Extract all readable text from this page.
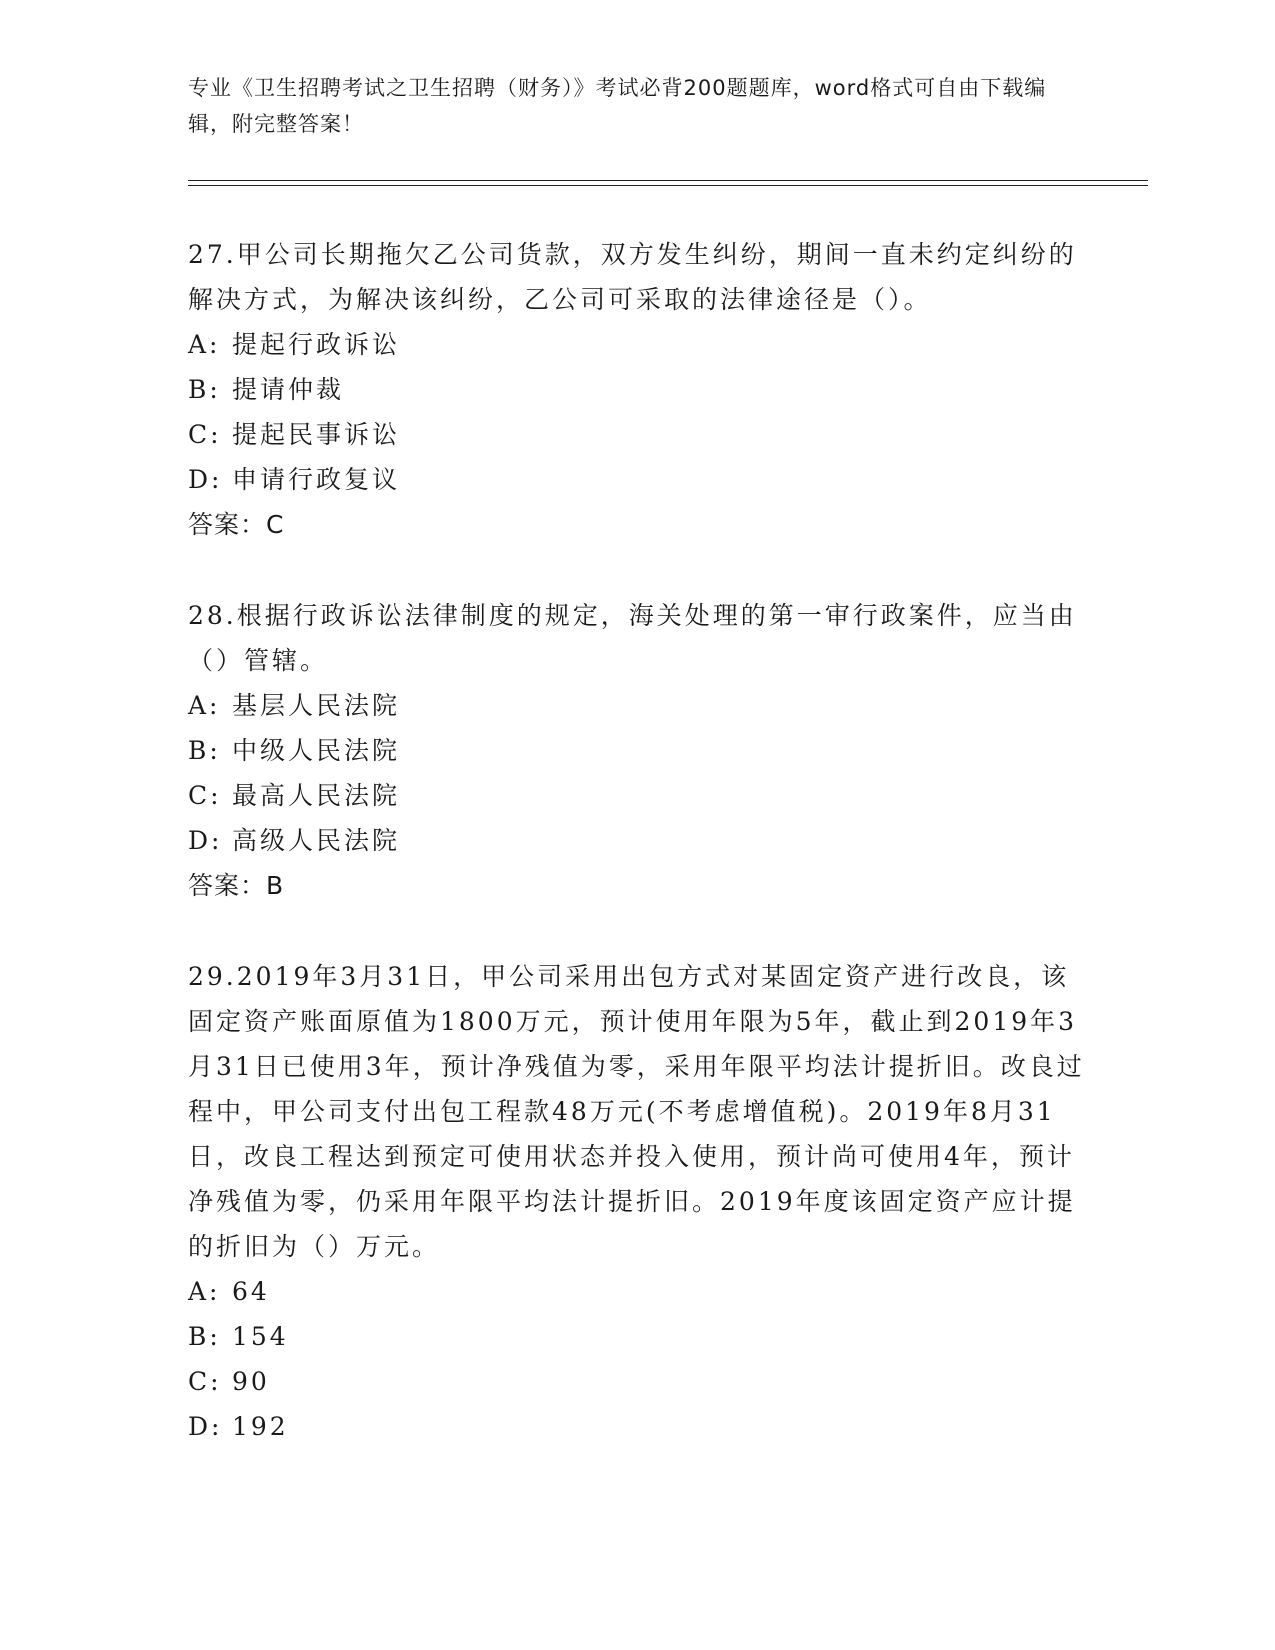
专业《卫生招聘考试之卫生招聘（财务）》考试必背200题题库，word格式可自由下载编辑，附完整答案！

27.甲公司长期拖欠乙公司货款，双方发生纠纷，期间一直未约定纠纷的解决方式，为解决该纠纷，乙公司可采取的法律途径是（）。

A: 提起行政诉讼

B: 提请仲裁

C: 提起民事诉讼

D: 申请行政复议

答案：C

28.根据行政诉讼法律制度的规定，海关处理的第一审行政案件，应当由（）管辖。

A: 基层人民法院

B: 中级人民法院

C: 最高人民法院

D: 高级人民法院

答案：B

29.2019年3月31日，甲公司采用出包方式对某固定资产进行改良，该固定资产账面原值为1800万元，预计使用年限为5年，截止到2019年3月31日已使用3年，预计净残值为零，采用年限平均法计提折旧。改良过程中，甲公司支付出包工程款48万元(不考虑增值税)。2019年8月31日，改良工程达到预定可使用状态并投入使用，预计尚可使用4年，预计净残值为零，仍采用年限平均法计提折旧。2019年度该固定资产应计提的折旧为（）万元。

A: 64

B: 154

C: 90

D: 192
